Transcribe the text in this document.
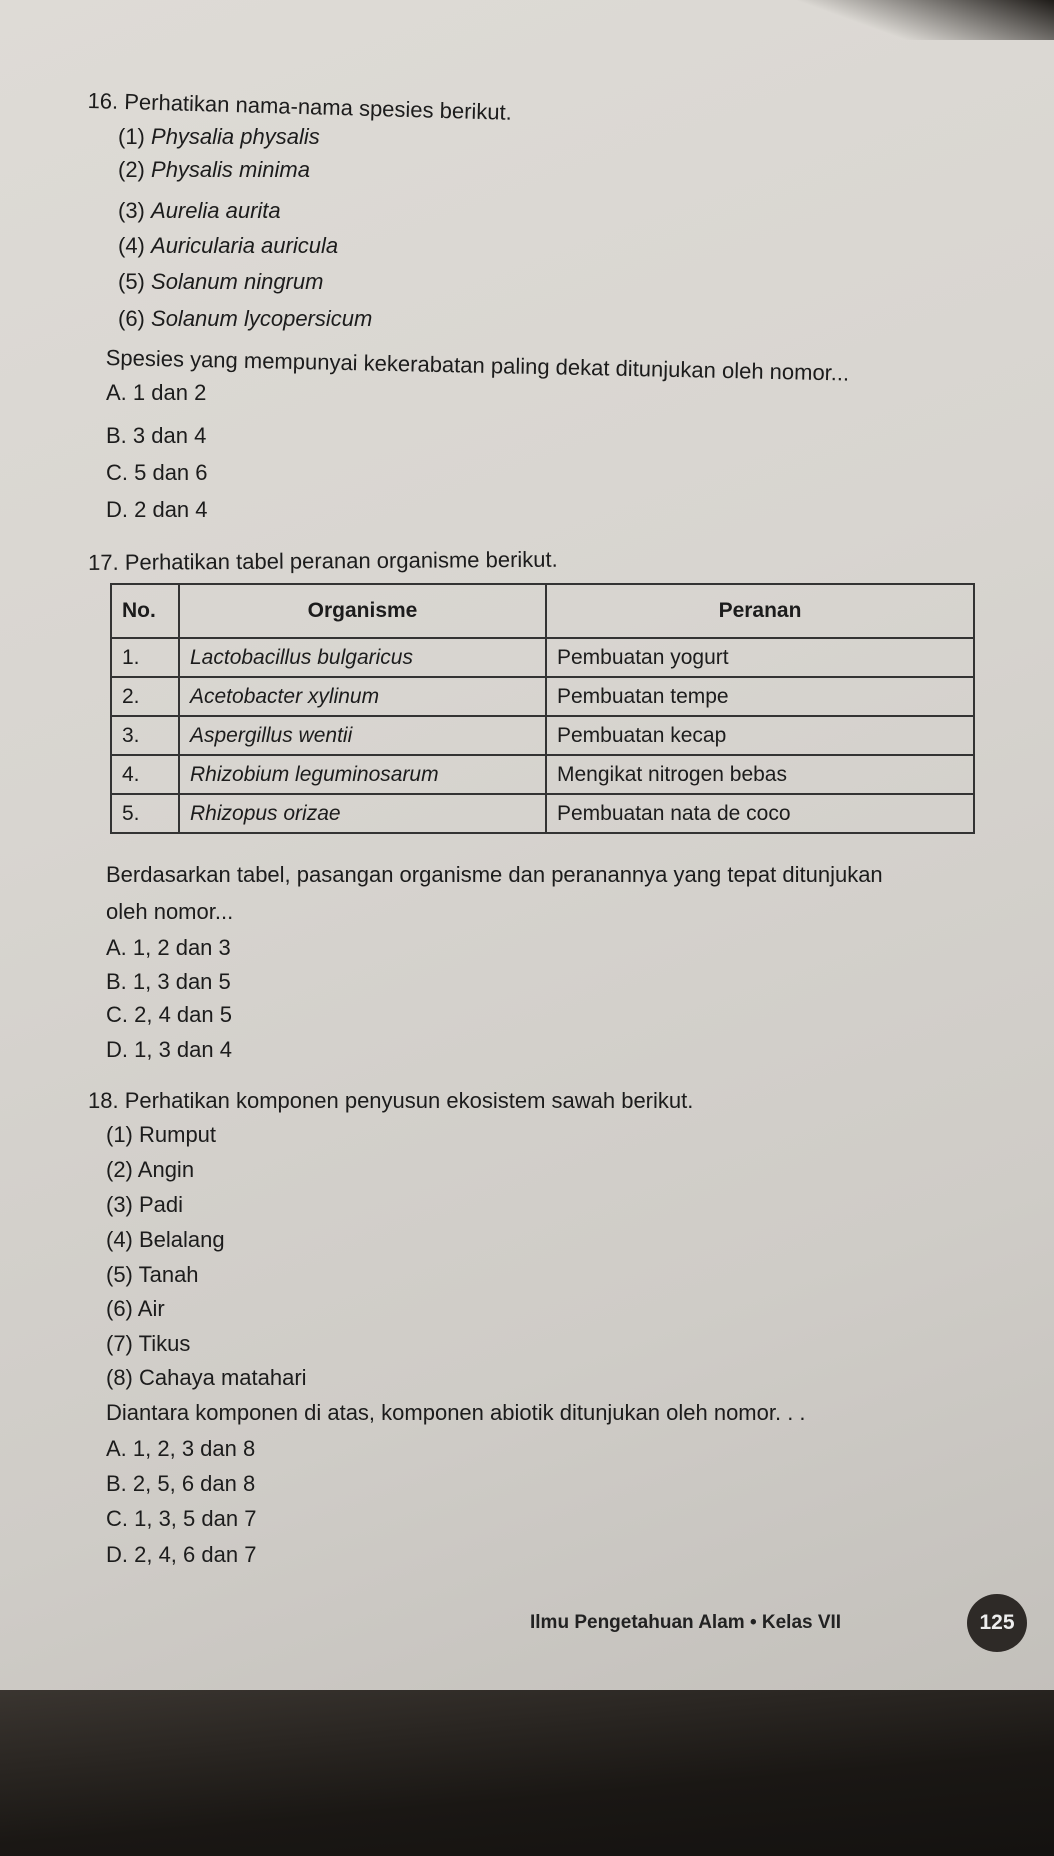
16. Perhatikan nama-nama spesies berikut.
(1) Physalia physalis
(2) Physalis minima
(3) Aurelia aurita
(4) Auricularia auricula
(5) Solanum ningrum
(6) Solanum lycopersicum
Spesies yang mempunyai kekerabatan paling dekat ditunjukan oleh nomor...
A. 1 dan 2
B. 3 dan 4
C. 5 dan 6
D. 2 dan 4
17. Perhatikan tabel peranan organisme berikut.
No.	Organisme	Peranan
1.	Lactobacillus bulgaricus	Pembuatan yogurt
2.	Acetobacter xylinum	Pembuatan tempe
3.	Aspergillus wentii	Pembuatan kecap
4.	Rhizobium leguminosarum	Mengikat nitrogen bebas
5.	Rhizopus orizae	Pembuatan nata de coco
Berdasarkan tabel, pasangan organisme dan peranannya yang tepat ditunjukan
oleh nomor...
A. 1, 2 dan 3
B. 1, 3 dan 5
C. 2, 4 dan 5
D. 1, 3 dan 4
18. Perhatikan komponen penyusun ekosistem sawah berikut.
(1) Rumput
(2) Angin
(3) Padi
(4) Belalang
(5) Tanah
(6) Air
(7) Tikus
(8) Cahaya matahari
Diantara komponen di atas, komponen abiotik ditunjukan oleh nomor. . .
A. 1, 2, 3 dan 8
B. 2, 5, 6 dan 8
C. 1, 3, 5 dan 7
D. 2, 4, 6 dan 7
Ilmu Pengetahuan Alam • Kelas VII	125
